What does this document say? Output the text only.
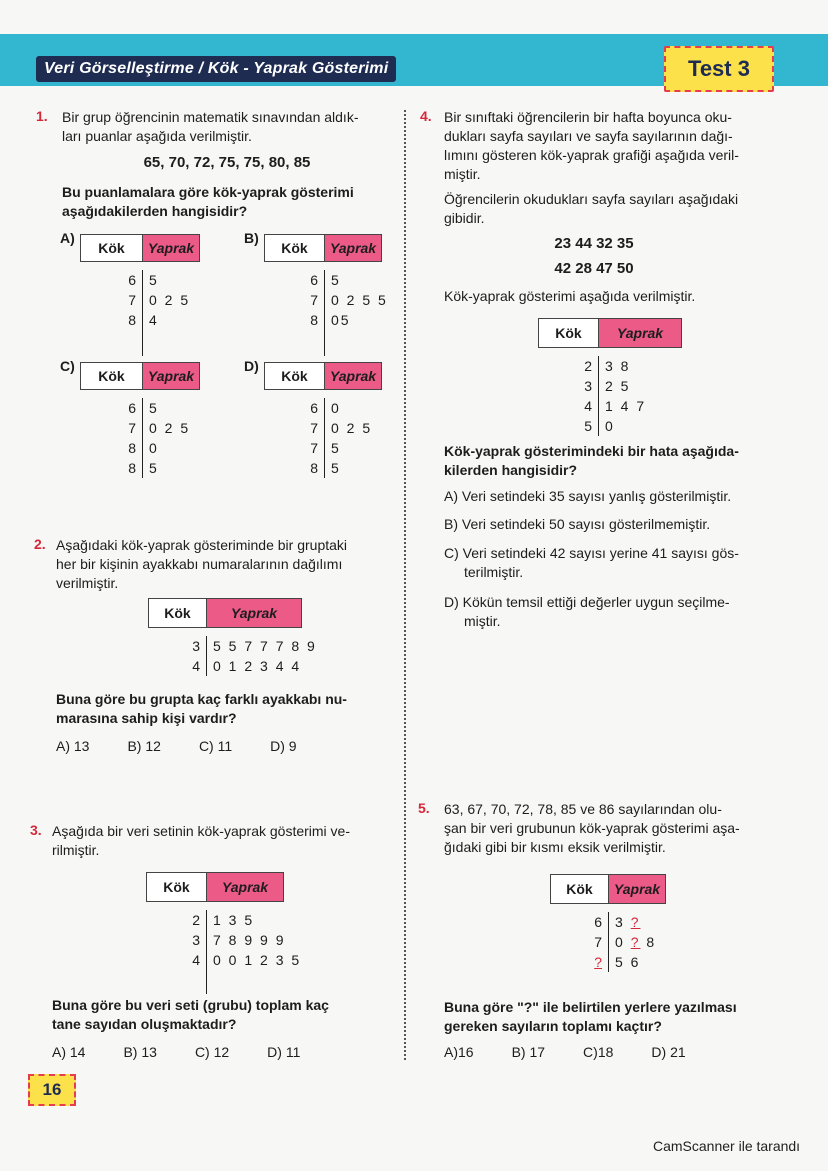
Veri Görselleştirme / Kök - Yaprak Gösterimi	Test 3
1. Bir grup öğrencinin matematik sınavından aldık-
ları puanlar aşağıda verilmiştir.
65, 70, 72, 75, 75, 80, 85
Bu puanlamalara göre kök-yaprak gösterimi
aşağıdakilerden hangisidir?
A)
Kök	Yaprak
6 5
7 0 2 5
8 4
B)
Kök	Yaprak
6 5
7 0 2 5 5
8 05
C)
Kök	Yaprak
6 5
7 0 2 5
8 0
8 5
D)
Kök	Yaprak
6 0
7 0 2 5
7 5
8 5
2. Aşağıdaki kök-yaprak gösteriminde bir gruptaki
her bir kişinin ayakkabı numaralarının dağılımı
verilmiştir.
Kök	Yaprak
3 5 5 7 7 7 8 9
4 0 1 2 3 4 4
Buna göre bu grupta kaç farklı ayakkabı nu-
marasına sahip kişi vardır?
A) 13	B) 12	C) 11	D) 9
3. Aşağıda bir veri setinin kök-yaprak gösterimi ve-
rilmiştir.
Kök	Yaprak
2 1 3 5
3 7 8 9 9 9
4 0 0 1 2 3 5
Buna göre bu veri seti (grubu) toplam kaç
tane sayıdan oluşmaktadır?
A) 14	B) 13	C) 12	D) 11
4. Bir sınıftaki öğrencilerin bir hafta boyunca oku-
dukları sayfa sayıları ve sayfa sayılarının dağı-
lımını gösteren kök-yaprak grafiği aşağıda veril-
miştir.
Öğrencilerin okudukları sayfa sayıları aşağıdaki
gibidir.
23 44 32 35
42 28 47 50
Kök-yaprak gösterimi aşağıda verilmiştir.
Kök	Yaprak
2 3 8
3 2 5
4 1 4 7
5 0
Kök-yaprak gösterimindeki bir hata aşağıda-
kilerden hangisidir?
A) Veri setindeki 35 sayısı yanlış gösterilmiştir.
B) Veri setindeki 50 sayısı gösterilmemiştir.
C) Veri setindeki 42 sayısı yerine 41 sayısı gös-
terilmiştir.
D) Kökün temsil ettiği değerler uygun seçilme-
miştir.
5. 63, 67, 70, 72, 78, 85 ve 86 sayılarından olu-
şan bir veri grubunun kök-yaprak gösterimi aşa-
ğıdaki gibi bir kısmı eksik verilmiştir.
Kök	Yaprak
6 3 ?
7 0 ? 8
? 5 6
Buna göre "?" ile belirtilen yerlere yazılması
gereken sayıların toplamı kaçtır?
A)16	B) 17	C)18	D) 21
16
CamScanner ile tarandı
